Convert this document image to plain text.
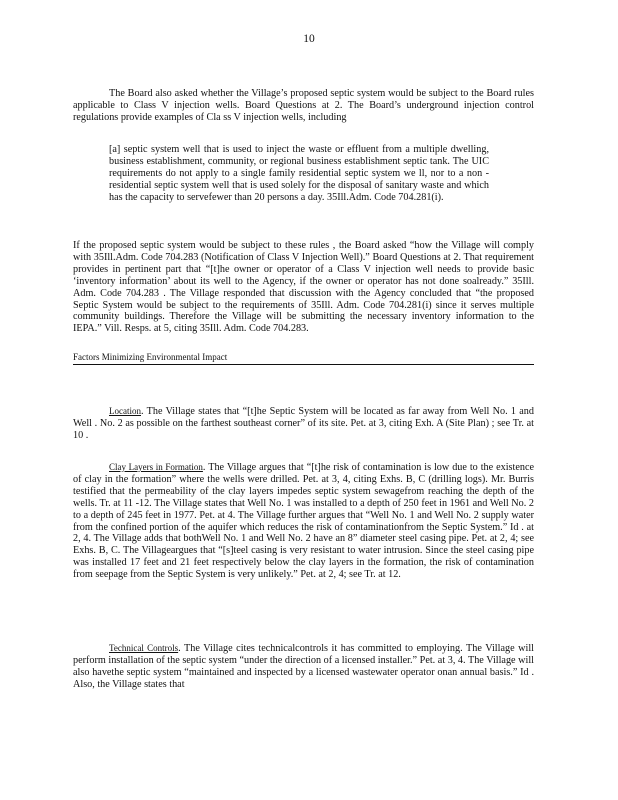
10

The Board also asked whether the Village’s proposed septic system would be subject to the Board rules applicable to Class V injection wells. Board Questions at 2. The Board’s underground injection control regulations provide examples of Cla ss V injection wells, including

[a] septic system well that is used to inject the waste or effluent from a multiple dwelling, business establishment, community, or regional business establishment septic tank. The UIC requirements do not apply to a single family residential septic system we ll, nor to a non -residential septic system well that is used solely for the disposal of sanitary waste and which has the capacity to servefewer than 20 persons a day. 35Ill.Adm. Code 704.281(i).

If the proposed septic system would be subject to these rules , the Board asked “how the Village will comply with 35Ill.Adm. Code 704.283 (Notification of Class V Injection Well).” Board Questions at 2. That requirement provides in pertinent part that “[t]he owner or operator of a Class V injection well needs to provide basic ‘inventory information’ about its well to the Agency, if the owner or operator has not done soalready.” 35Ill. Adm. Code 704.283 . The Village responded that discussion with the Agency concluded that “the proposed Septic System would be subject to the requirements of 35Ill. Adm. Code 704.281(i) since it serves multiple community buildings. Therefore the Village will be submitting the necessary inventory information to the IEPA.” Vill. Resps. at 5, citing 35Ill. Adm. Code 704.283.

Factors Minimizing Environmental Impact

Location. The Village states that “[t]he Septic System will be located as far away from Well No. 1 and Well . No. 2 as possible on the farthest southeast corner” of its site. Pet. at 3, citing Exh. A (Site Plan) ; see Tr. at 10 .

Clay Layers in Formation. The Village argues that “[t]he risk of contamination is low due to the existence of clay in the formation” where the wells were drilled. Pet. at 3, 4, citing Exhs. B, C (drilling logs). Mr. Burris testified that the permeability of the clay layers impedes septic system sewagefrom reaching the depth of the wells. Tr. at 11 -12. The Village states that Well No. 1 was installed to a depth of 250 feet in 1961 and Well No. 2 to a depth of 245 feet in 1977. Pet. at 4. The Village further argues that “Well No. 1 and Well No. 2 supply water from the confined portion of the aquifer which reduces the risk of contaminationfrom the Septic System.” Id . at 2, 4. The Village adds that bothWell No. 1 and Well No. 2 have an 8” diameter steel casing pipe. Pet. at 2, 4; see Exhs. B, C. The Villageargues that “[s]teel casing is very resistant to water intrusion. Since the steel casing pipe was installed 17 feet and 21 feet respectively below the clay layers in the formation, the risk of contamination from seepage from the Septic System is very unlikely.” Pet. at 2, 4; see Tr. at 12.

Technical Controls. The Village cites technicalcontrols it has committed to employing. The Village will perform installation of the septic system “under the direction of a licensed installer.” Pet. at 3, 4. The Village will also havethe septic system “maintained and inspected by a licensed wastewater operator onan annual basis.” Id . Also, the Village states that
